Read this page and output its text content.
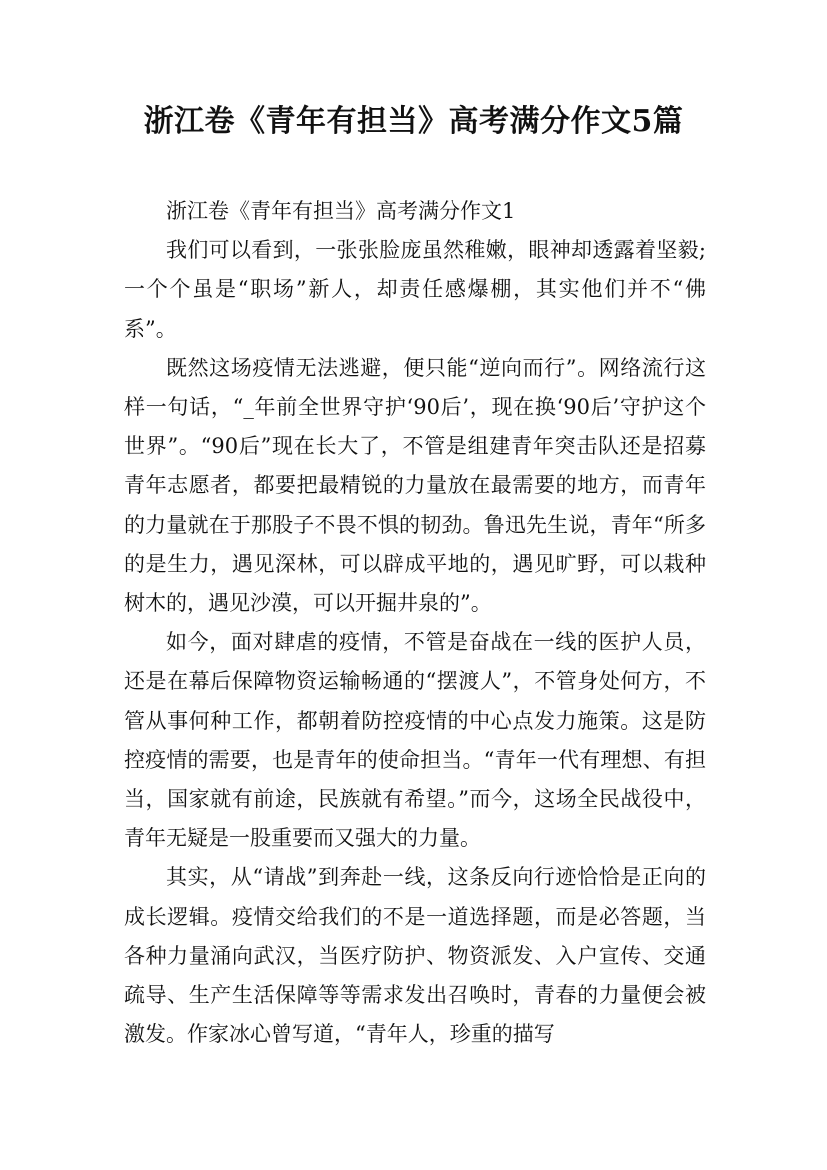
浙江卷《青年有担当》高考满分作文5篇

浙江卷《青年有担当》高考满分作文1

我们可以看到，一张张脸庞虽然稚嫩，眼神却透露着坚毅;一个个虽是“职场”新人，却责任感爆棚，其实他们并不“佛系”。

既然这场疫情无法逃避，便只能“逆向而行”。网络流行这样一句话，“_年前全世界守护‘90后’，现在换‘90后’守护这个世界”。“90后”现在长大了，不管是组建青年突击队还是招募青年志愿者，都要把最精锐的力量放在最需要的地方，而青年的力量就在于那股子不畏不惧的韧劲。鲁迅先生说，青年“所多的是生力，遇见深林，可以辟成平地的，遇见旷野，可以栽种树木的，遇见沙漠，可以开掘井泉的”。

如今，面对肆虐的疫情，不管是奋战在一线的医护人员，还是在幕后保障物资运输畅通的“摆渡人”，不管身处何方，不管从事何种工作，都朝着防控疫情的中心点发力施策。这是防控疫情的需要，也是青年的使命担当。“青年一代有理想、有担当，国家就有前途，民族就有希望。”而今，这场全民战役中，青年无疑是一股重要而又强大的力量。

其实，从“请战”到奔赴一线，这条反向行迹恰恰是正向的成长逻辑。疫情交给我们的不是一道选择题，而是必答题，当各种力量涌向武汉，当医疗防护、物资派发、入户宣传、交通疏导、生产生活保障等等需求发出召唤时，青春的力量便会被激发。作家冰心曾写道，“青年人，珍重的描写
